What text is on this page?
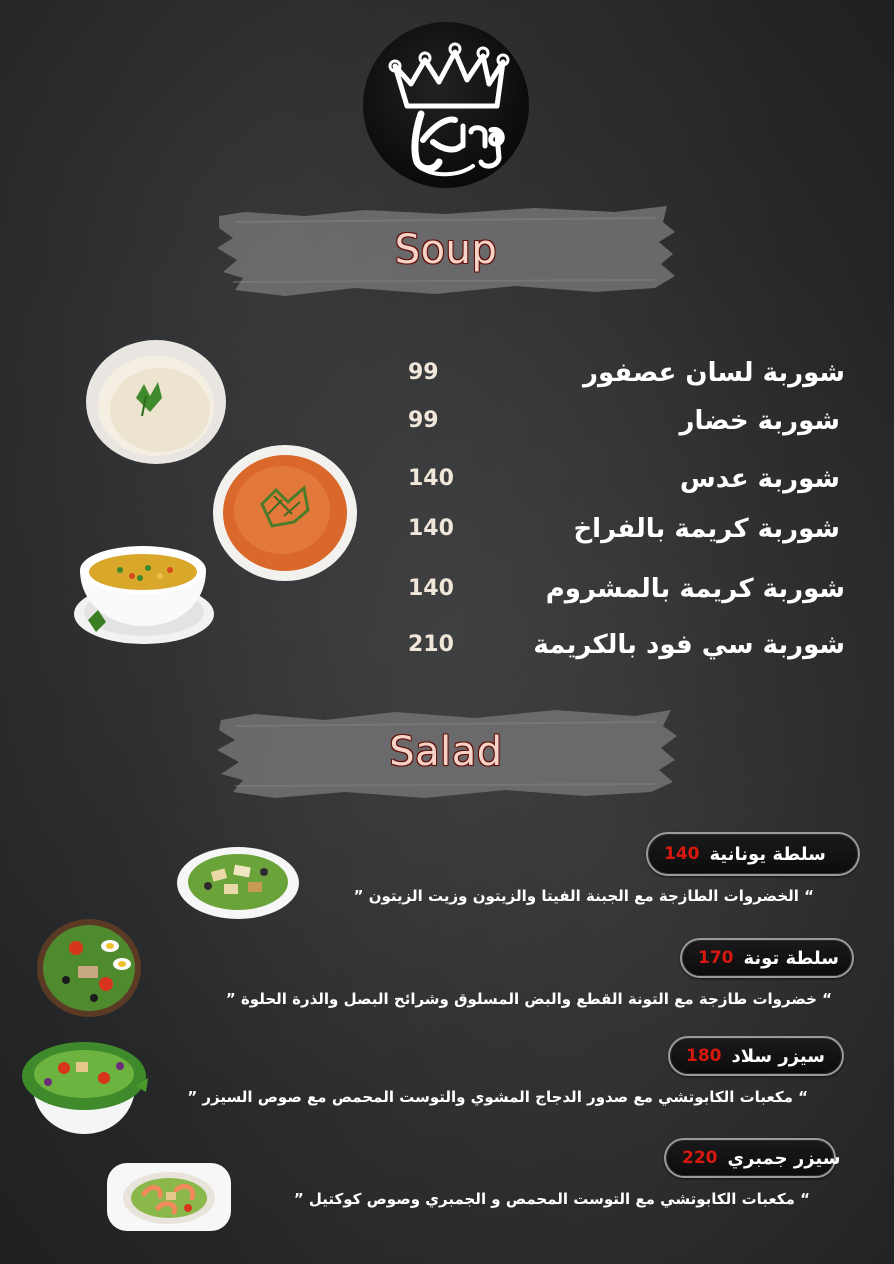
Soup
شوربة لسان عصفور
99
شوربة خضار
99
شوربة عدس
140
شوربة كريمة بالفراخ
140
شوربة كريمة بالمشروم
140
شوربة سي فود بالكريمة
210
Salad
سلطة يونانية
140
“ الخضروات الطازجة مع الجبنة الفيتا والزيتون وزيت الزيتون ”
سلطة تونة
170
“ خضروات طازجة مع التونة القطع والبض المسلوق وشرائح البصل والذرة الحلوة ”
سيزر سلاد
180
“ مكعبات الكابوتشي مع صدور الدجاج المشوي والتوست المحمص مع صوص السيزر ”
سيزر جمبري
220
“ مكعبات الكابوتشي مع التوست المحمص و الجمبري وصوص كوكتيل ”
